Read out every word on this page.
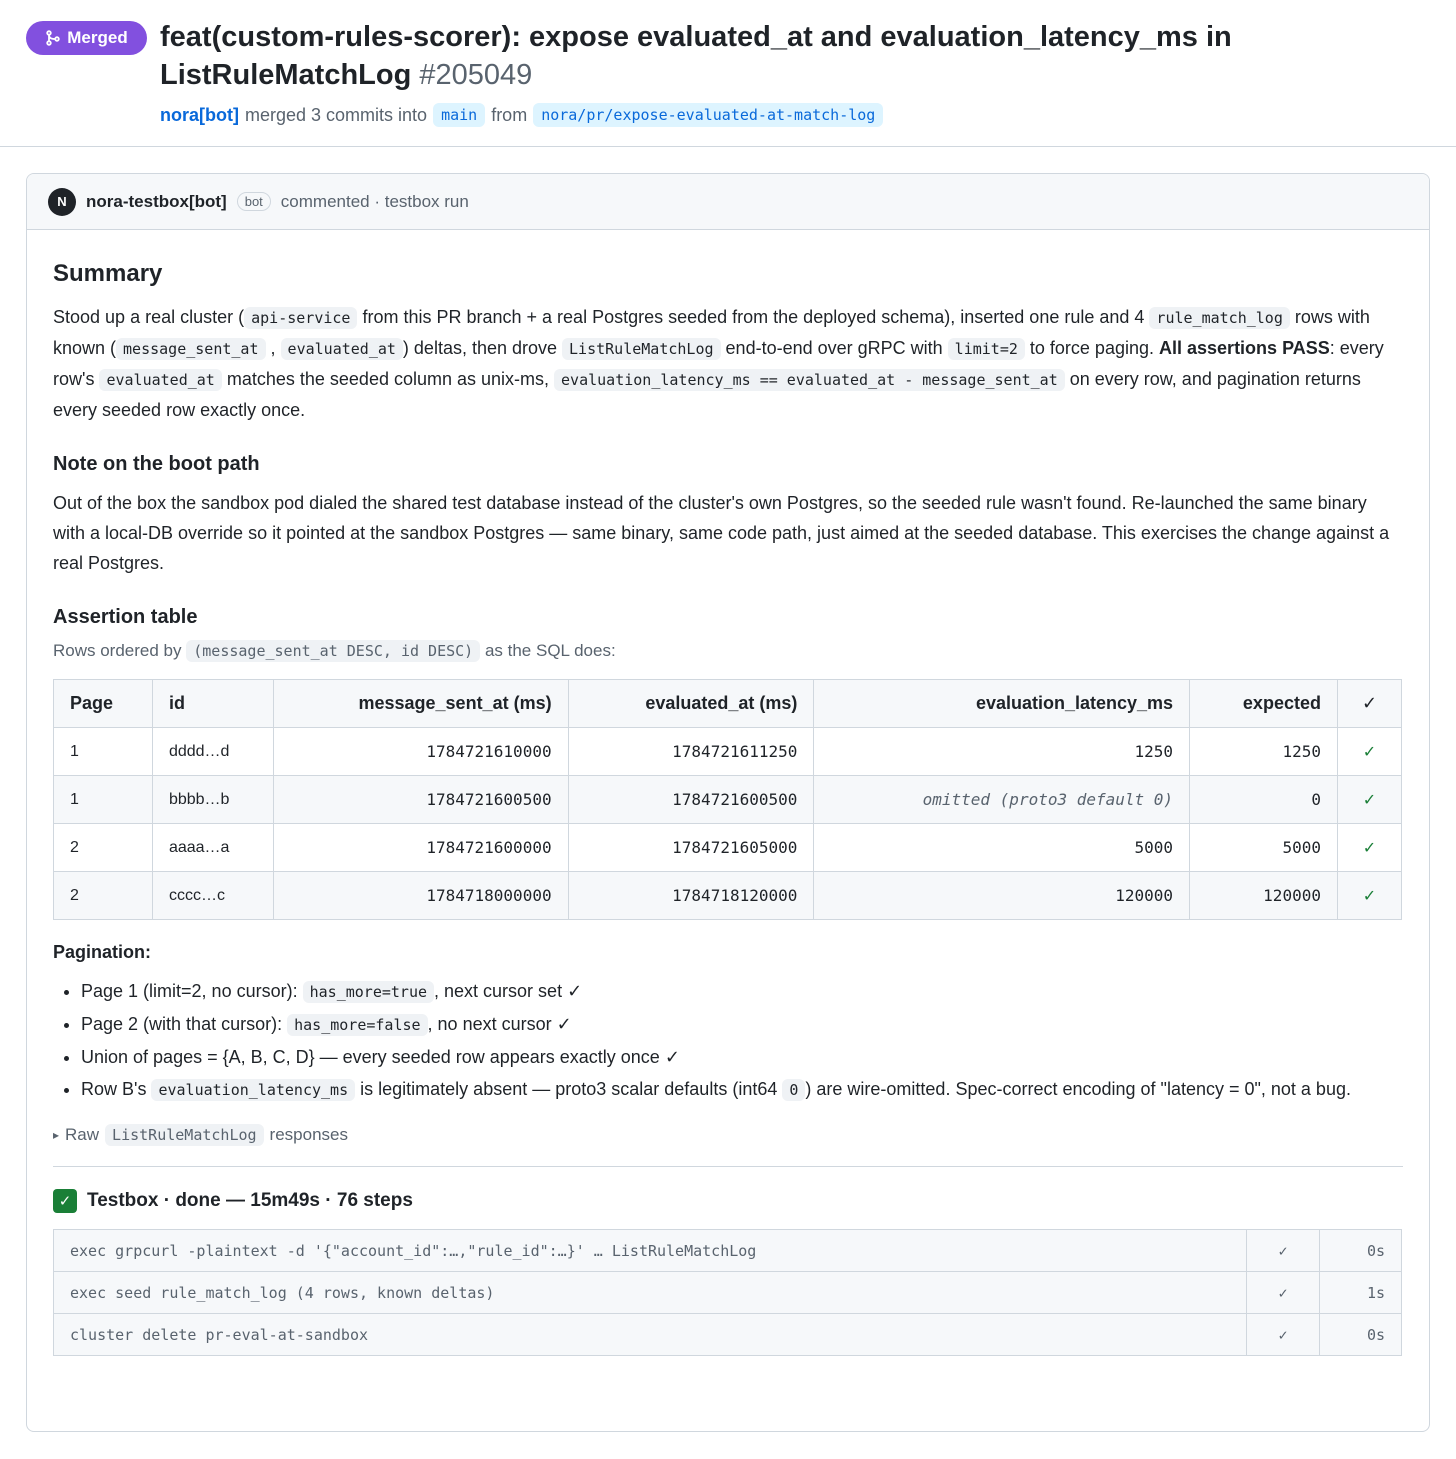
Merged feat(custom-rules-scorer): expose evaluated_at and evaluation_latency_ms in ListRuleMatchLog #205049
nora[bot] merged 3 commits into main from nora/pr/expose-evaluated-at-match-log
N	nora-testbox[bot]	bot	commented · testbox run
Summary

Stood up a real cluster ( api-service from this PR branch + a real Postgres seeded from the deployed schema), inserted one rule and 4 rule_match_log rows with known ( message_sent_at , evaluated_at ) deltas, then drove ListRuleMatchLog end-to-end over gRPC with limit=2 to force paging. All assertions PASS: every row's evaluated_at matches the seeded column as unix-ms, evaluation_latency_ms == evaluated_at - message_sent_at on every row, and pagination returns every seeded row exactly once.

Note on the boot path

Out of the box the sandbox pod dialed the shared test database instead of the cluster's own Postgres, so the seeded rule wasn't found. Re-launched the same binary with a local-DB override so it pointed at the sandbox Postgres — same binary, same code path, just aimed at the seeded database. This exercises the change against a real Postgres.

Assertion table

Rows ordered by (message_sent_at DESC, id DESC) as the SQL does:

Page	id	message_sent_at (ms)	evaluated_at (ms)	evaluation_latency_ms	expected	✓
1	dddd…d	1784721610000	1784721611250	1250	1250	✓
1	bbbb…b	1784721600500	1784721600500	omitted (proto3 default 0)	0	✓
2	aaaa…a	1784721600000	1784721605000	5000	5000	✓
2	cccc…c	1784718000000	1784718120000	120000	120000	✓
Pagination:
• Page 1 (limit=2, no cursor): has_more=true , next cursor set ✓
• Page 2 (with that cursor): has_more=false , no next cursor ✓
• Union of pages = {A, B, C, D} — every seeded row appears exactly once ✓
• Row B's evaluation_latency_ms is legitimately absent — proto3 scalar defaults (int64 0 ) are wire-omitted. Spec-correct encoding of "latency = 0", not a bug.
▸ Raw ListRuleMatchLog responses
✓ Testbox · done — 15m49s · 76 steps
exec grpcurl -plaintext -d '{"account_id":…,"rule_id":…}' … ListRuleMatchLog	✓	0s
exec seed rule_match_log (4 rows, known deltas)	✓	1s
cluster delete pr-eval-at-sandbox	✓	0s
